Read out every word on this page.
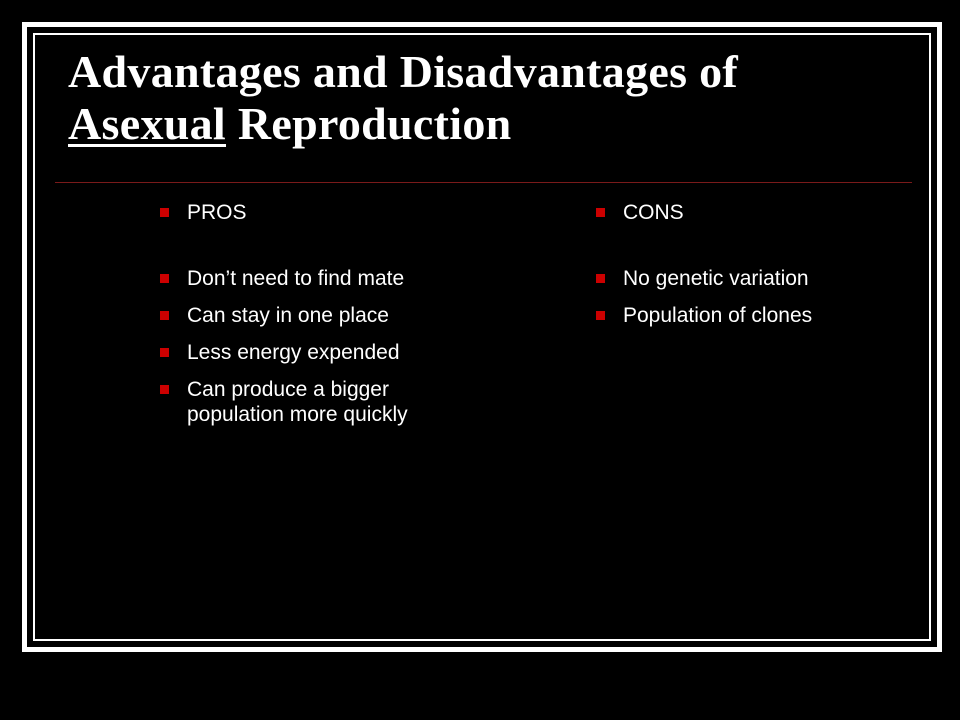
Advantages and Disadvantages of
Asexual Reproduction
PROS
Don’t need to find mate
Can stay in one place
Less energy expended
Can produce a bigger population more quickly
CONS
No genetic variation
Population of clones
